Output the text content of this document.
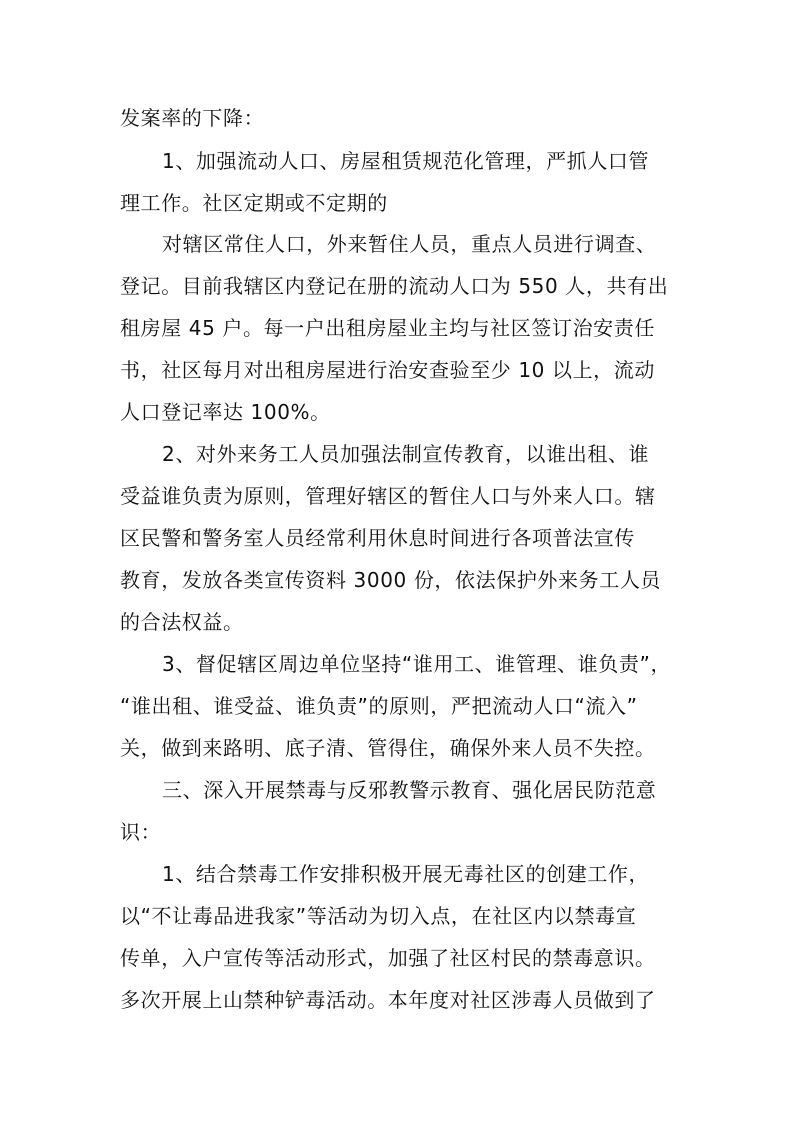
发案率的下降：
1、加强流动人口、房屋租赁规范化管理，严抓人口管
理工作。社区定期或不定期的
对辖区常住人口，外来暂住人员，重点人员进行调查、
登记。目前我辖区内登记在册的流动人口为 550 人，共有出
租房屋 45 户。每一户出租房屋业主均与社区签订治安责任
书，社区每月对出租房屋进行治安查验至少 10 以上，流动
人口登记率达 100%。
2、对外来务工人员加强法制宣传教育，以谁出租、谁
受益谁负责为原则，管理好辖区的暂住人口与外来人口。辖
区民警和警务室人员经常利用休息时间进行各项普法宣传
教育，发放各类宣传资料 3000 份，依法保护外来务工人员
的合法权益。
3、督促辖区周边单位坚持“谁用工、谁管理、谁负责”，
“谁出租、谁受益、谁负责”的原则，严把流动人口“流入”
关，做到来路明、底子清、管得住，确保外来人员不失控。
三、深入开展禁毒与反邪教警示教育、强化居民防范意
识：
1、结合禁毒工作安排积极开展无毒社区的创建工作，
以“不让毒品进我家”等活动为切入点，在社区内以禁毒宣
传单，入户宣传等活动形式，加强了社区村民的禁毒意识。
多次开展上山禁种铲毒活动。本年度对社区涉毒人员做到了
